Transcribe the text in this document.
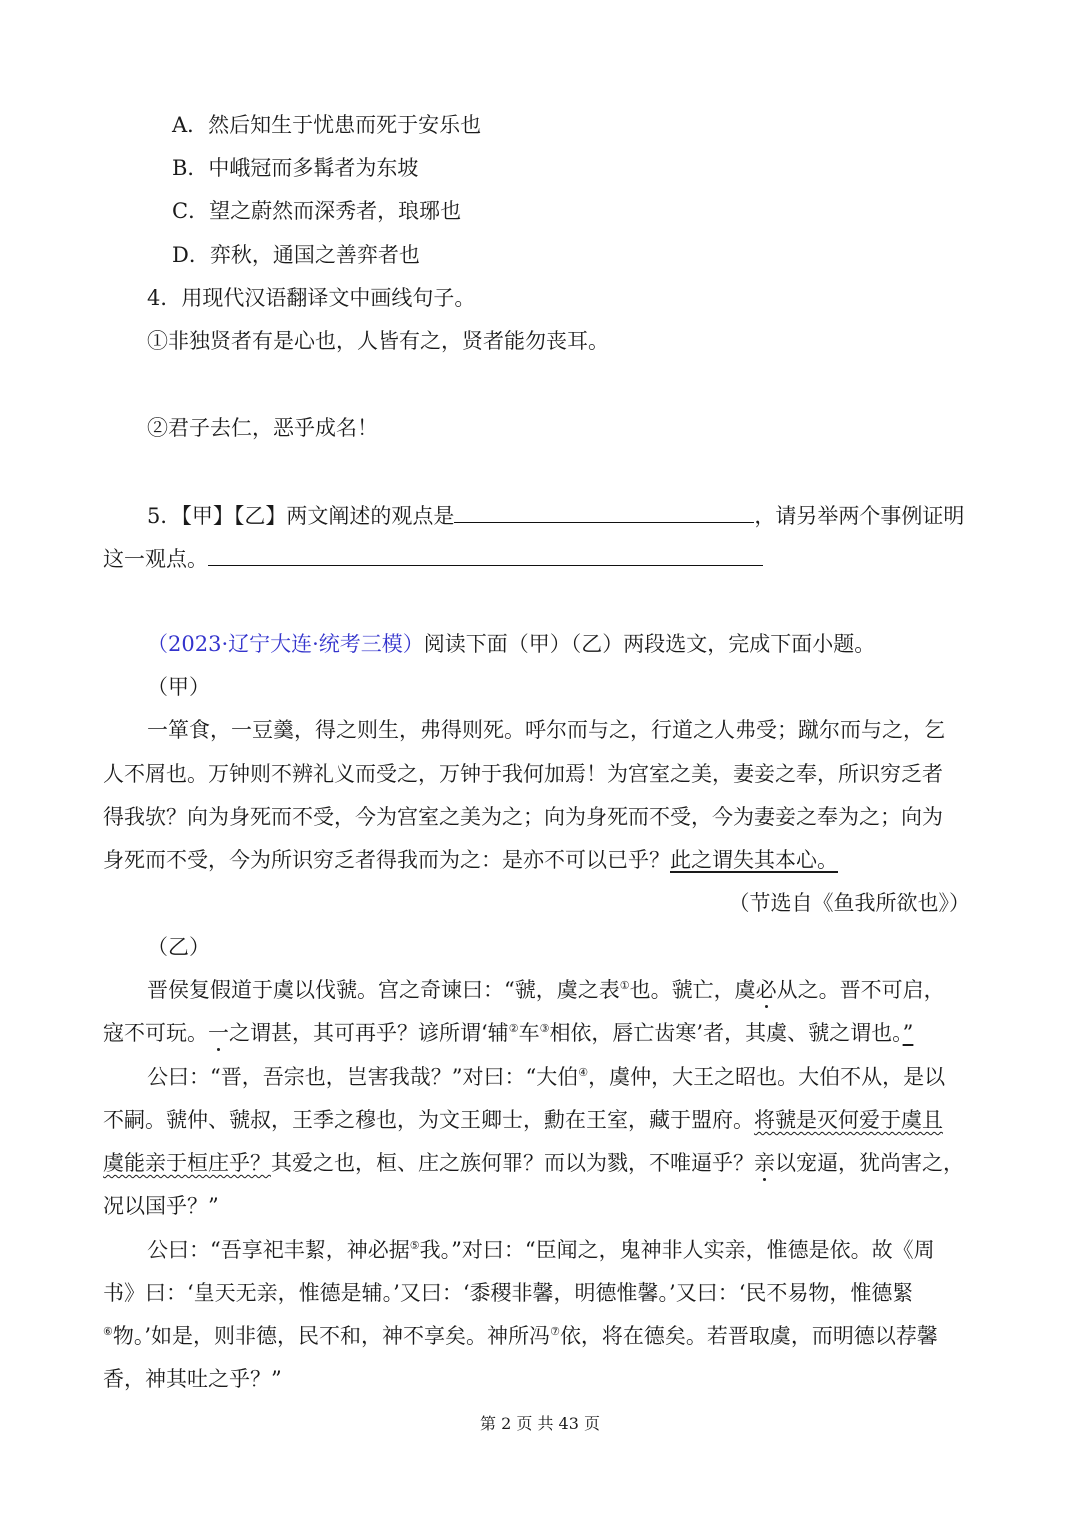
A．然后知生于忧患而死于安乐也
B．中峨冠而多髯者为东坡
C．望之蔚然而深秀者，琅琊也
D．弈秋，通国之善弈者也
4．用现代汉语翻译文中画线句子。
①非独贤者有是心也，人皆有之，贤者能勿丧耳。
②君子去仁，恶乎成名！
5．【甲】【乙】两文阐述的观点是	，请另举两个事例证明
这一观点。
（2023·辽宁大连·统考三模）阅读下面（甲）（乙）两段选文，完成下面小题。
（甲）
一箪食，一豆羹，得之则生，弗得则死。呼尔而与之，行道之人弗受；蹴尔而与之，乞
人不屑也。万钟则不辨礼义而受之，万钟于我何加焉！为宫室之美，妻妾之奉，所识穷乏者
得我欤？向为身死而不受，今为宫室之美为之；向为身死而不受，今为妻妾之奉为之；向为
身死而不受，今为所识穷乏者得我而为之：是亦不可以已乎？此之谓失其本心。
（节选自《鱼我所欲也》）
（乙）
晋侯复假道于虞以伐虢。宫之奇谏曰：“虢，虞之表①也。虢亡，虞必从之。晋不可启，
寇不可玩。一之谓甚，其可再乎？谚所谓‘辅②车③相依，唇亡齿寒’者，其虞、虢之谓也。”
公曰：“晋，吾宗也，岂害我哉？”对曰：“大伯④，虞仲，大王之昭也。大伯不从，是以
不嗣。虢仲、虢叔，王季之穆也，为文王卿士，勳在王室，藏于盟府。将虢是灭何爱于虞且
虞能亲于桓庄乎？其爱之也，桓、庄之族何罪？而以为戮，不唯逼乎？亲以宠逼，犹尚害之，
况以国乎？”
公曰：“吾享祀丰絜，神必据⑤我。”对曰：“臣闻之，鬼神非人实亲，惟德是依。故《周
书》曰：‘皇天无亲，惟德是辅。’又曰：‘黍稷非馨，明德惟馨。’又曰：‘民不易物，惟德緊
⑥物。’如是，则非德，民不和，神不享矣。神所冯⑦依，将在德矣。若晋取虞，而明德以荐馨
香，神其吐之乎？”
第 2 页 共 43 页
